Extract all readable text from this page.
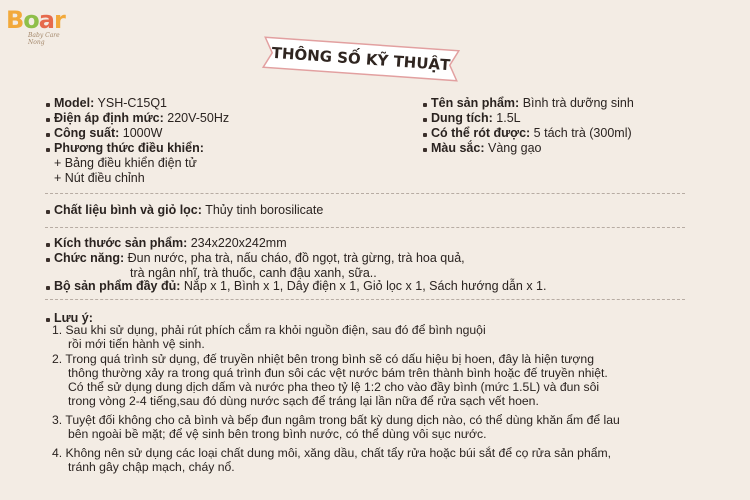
Boar
Baby Care Nong
THÔNG SỐ KỸ THUẬT
Model: YSH-C15Q1
Điện áp định mức: 220V-50Hz
Công suất: 1000W
Phương thức điều khiển:
+ Bảng điều khiển điện tử
+ Nút điều chỉnh
Tên sản phẩm: Bình trà dưỡng sinh
Dung tích: 1.5L
Có thể rót được: 5 tách trà (300ml)
Màu sắc: Vàng gạo
Chất liệu bình và giỏ lọc: Thủy tinh borosilicate
Kích thước sản phẩm: 234x220x242mm
Chức năng: Đun nước, pha trà, nấu cháo, đồ ngọt, trà gừng, trà hoa quả,
trà ngân nhĩ, trà thuốc, canh đậu xanh, sữa..
Bộ sản phẩm đầy đủ: Nắp x 1, Bình x 1, Dây điện x 1, Giỏ lọc x 1, Sách hướng dẫn x 1.
Lưu ý:
1. Sau khi sử dụng, phải rút phích cắm ra khỏi nguồn điện, sau đó để bình nguội
rồi mới tiến hành vệ sinh.
2. Trong quá trình sử dụng, đế truyền nhiệt bên trong bình sẽ có dấu hiệu bị hoen, đây là hiện tượng
thông thường xảy ra trong quá trình đun sôi các vệt nước bám trên thành bình hoặc đế truyền nhiệt.
Có thể sử dụng dung dịch dấm và nước pha theo tỷ lệ 1:2 cho vào đầy bình (mức 1.5L) và đun sôi
trong vòng 2-4 tiếng,sau đó dùng nước sạch để tráng lại lần nữa để rửa sạch vết hoen.
3. Tuyệt đối không cho cả bình và bếp đun ngâm trong bất kỳ dung dịch nào, có thể dùng khăn ẩm để lau
bên ngoài bề mặt; để vệ sinh bên trong bình nước, có thể dùng vôi sục nước.
4. Không nên sử dụng các loại chất dung môi, xăng dầu, chất tẩy rửa hoặc búi sắt để cọ rửa sản phẩm,
tránh gây chập mạch, cháy nổ.
